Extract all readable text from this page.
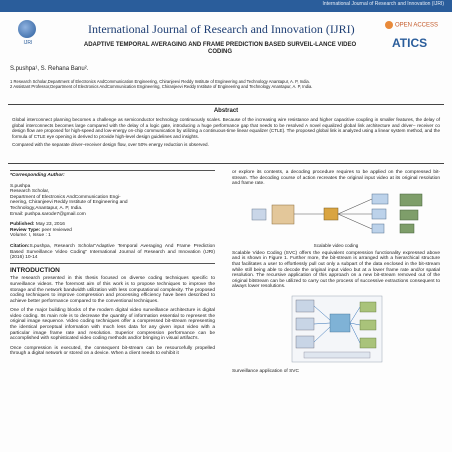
International Journal of Research and Innovation (IJRI)
IJRI
International Journal of Research and Innovation (IJRI)
ADAPTIVE TEMPORAL AVERAGING AND FRAME PREDICTION BASED SURVEIL-LANCE VIDEO CODING
OPEN ACCESS
ATICS
S.pushpa¹, S. Rehana Banu².
1 Research Scholar,Department of Electronics AndCommunication Engineering, Chiranjeevi Reddy Institute of Engineering and Technology Anantapur, A. P, India.
2 Assistant Professor,Department of Electronics AndCommunication Engineering, Chiranjeevi Reddy Institute of Engineering and Technology Anantapur, A. P, India.
Abstract

Global interconnect planning becomes a challenge as semiconductor technology continuously scales. Because of the increasing wire resistance and higher capacitive coupling in smaller features, the delay of global interconnects becomes large compared with the delay of a logic gate, introducing a huge performance gap that needs to be resolved A novel equalized global link architecture and driver– receiver co design flow are proposed for high-speed and low-energy on-chip communication by utilizing a continuous-time linear equalizer (CTLE). The proposed global link is analyzed using a linear system method, and the formula of CTLE eye opening is derived to provide high-level design guidelines and insights.

Compared with the separate driver–receiver design flow, over 50% energy reduction is observed.

*Corresponding Author:
S.pushpa
Research Scholar,
Department of Electronics AndCommunication Engi-
neering, Chiranjeevi Reddy Institute of Engineering and
Technology,Anantapur, A. P, India.
Email: pushpa.sarode7@gmail.com
Published: May 23, 2016
Review Type: peer reviewed
Volume: I, Issue : 1
Citation:S.pushpa, Research Scholar"Adaptive Temporal Averaging And Frame Prediction Based Surveillance Video Coding" International Journal of Research and Innovation (IJRI) (2016) 10-14
INTRODUCTION

The research presented in this thesis focused on diverse coding techniques specific to surveillance videos. The foremost aim of this work is to propose techniques to improve the storage and the network bandwidth utilization with less computational complexity. The proposed coding techniques to improve compression and processing efficiency have been described to achieve better performance compared to the conventional techniques.

One of the major building blocks of the modern digital video surveillance architecture is digital video coding. Its main role is to decrease the quantity of information essential to represent the original image sequence. Video coding techniques offer a compressed bit-stream representing the identical perceptual information with much less data for any given input video with a particular image frame rate and resolution. Superior compression performance can be accomplished with sophisticated video coding methods and/or bringing in visual artifact's.

Once compression is executed, the consequent bit-stream can be resourcefully propelled through a digital network or stored on a device. When a client needs to exhibit it

or explore its contents, a decoding procedure requires to be applied on the compressed bit-stream. The decoding course of action recreates the original input video at its original resolution and frame rate.

Scalable video coding

Scalable Video Coding (SVC) offers the equivalent compression functionality expressed above and is shown in Figure 1. Further more, the bit-stream is arranged with a hierarchical structure that facilitates a user to effortlessly pull out only a subpart of the data enclosed in the bit-stream while still being able to decode the original input video but at a lower frame rate and/or spatial resolution. The recursive application of this approach on a new bit-stream removed out of the original bitstream can be utilized to carry out the process of successive extractions consequent to always lower resolutions.

Surveillance application of SVC
